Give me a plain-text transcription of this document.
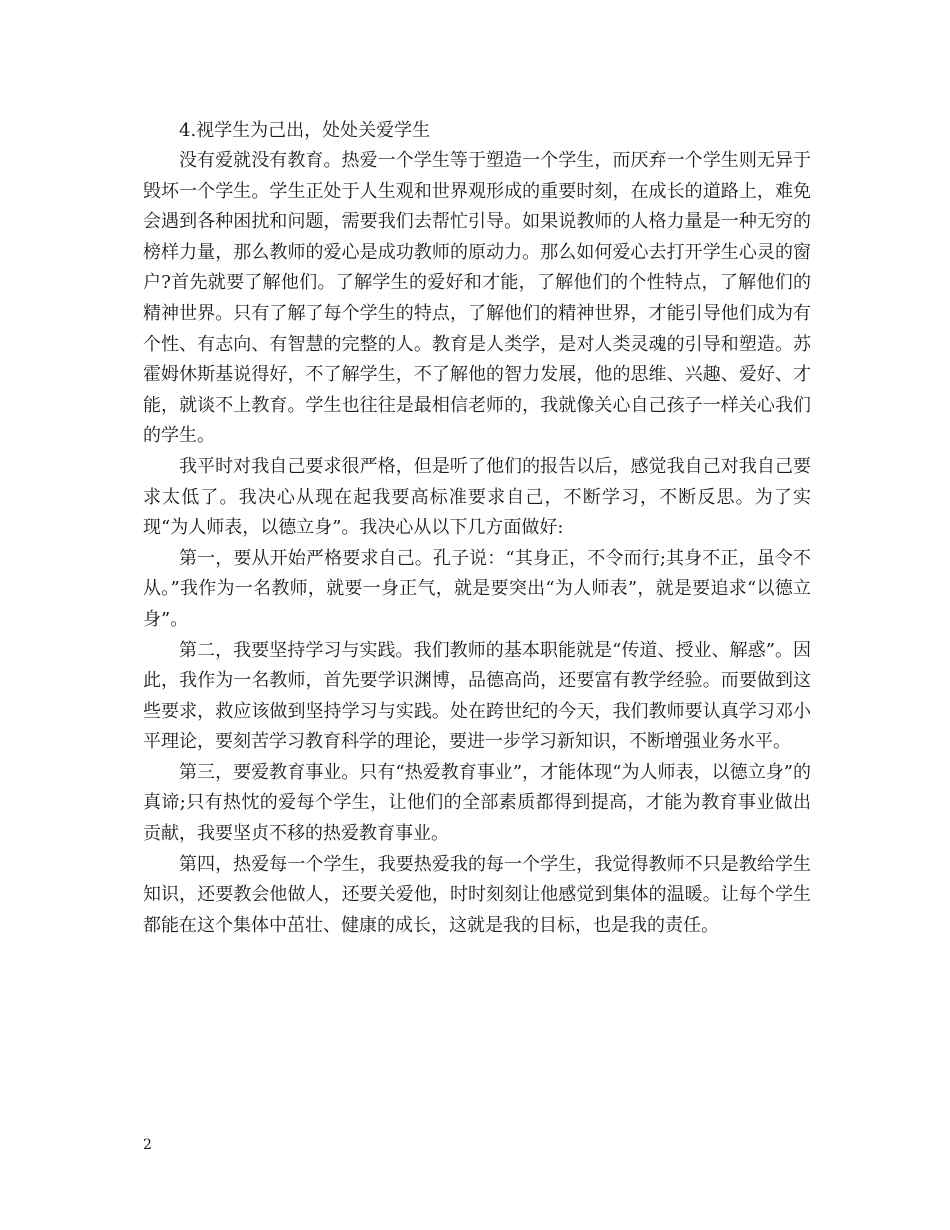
4.视学生为己出，处处关爱学生

没有爱就没有教育。热爱一个学生等于塑造一个学生，而厌弃一个学生则无异于毁坏一个学生。学生正处于人生观和世界观形成的重要时刻，在成长的道路上，难免会遇到各种困扰和问题，需要我们去帮忙引导。如果说教师的人格力量是一种无穷的榜样力量，那么教师的爱心是成功教师的原动力。那么如何爱心去打开学生心灵的窗户?首先就要了解他们。了解学生的爱好和才能，了解他们的个性特点，了解他们的精神世界。只有了解了每个学生的特点，了解他们的精神世界，才能引导他们成为有个性、有志向、有智慧的完整的人。教育是人类学，是对人类灵魂的引导和塑造。苏霍姆休斯基说得好，不了解学生，不了解他的智力发展，他的思维、兴趣、爱好、才能，就谈不上教育。学生也往往是最相信老师的，我就像关心自己孩子一样关心我们的学生。

我平时对我自己要求很严格，但是听了他们的报告以后，感觉我自己对我自己要求太低了。我决心从现在起我要高标准要求自己，不断学习，不断反思。为了实现“为人师表，以德立身”。我决心从以下几方面做好:

第一，要从开始严格要求自己。孔子说：“其身正，不令而行;其身不正，虽令不从。”我作为一名教师，就要一身正气，就是要突出“为人师表”，就是要追求“以德立身”。

第二，我要坚持学习与实践。我们教师的基本职能就是“传道、授业、解惑”。因此，我作为一名教师，首先要学识渊博，品德高尚，还要富有教学经验。而要做到这些要求，救应该做到坚持学习与实践。处在跨世纪的今天，我们教师要认真学习邓小平理论，要刻苦学习教育科学的理论，要进一步学习新知识，不断增强业务水平。

第三，要爱教育事业。只有“热爱教育事业”，才能体现“为人师表，以德立身”的真谛;只有热忱的爱每个学生，让他们的全部素质都得到提高，才能为教育事业做出贡献，我要坚贞不移的热爱教育事业。

第四，热爱每一个学生，我要热爱我的每一个学生，我觉得教师不只是教给学生知识，还要教会他做人，还要关爱他，时时刻刻让他感觉到集体的温暖。让每个学生都能在这个集体中茁壮、健康的成长，这就是我的目标，也是我的责任。

2
